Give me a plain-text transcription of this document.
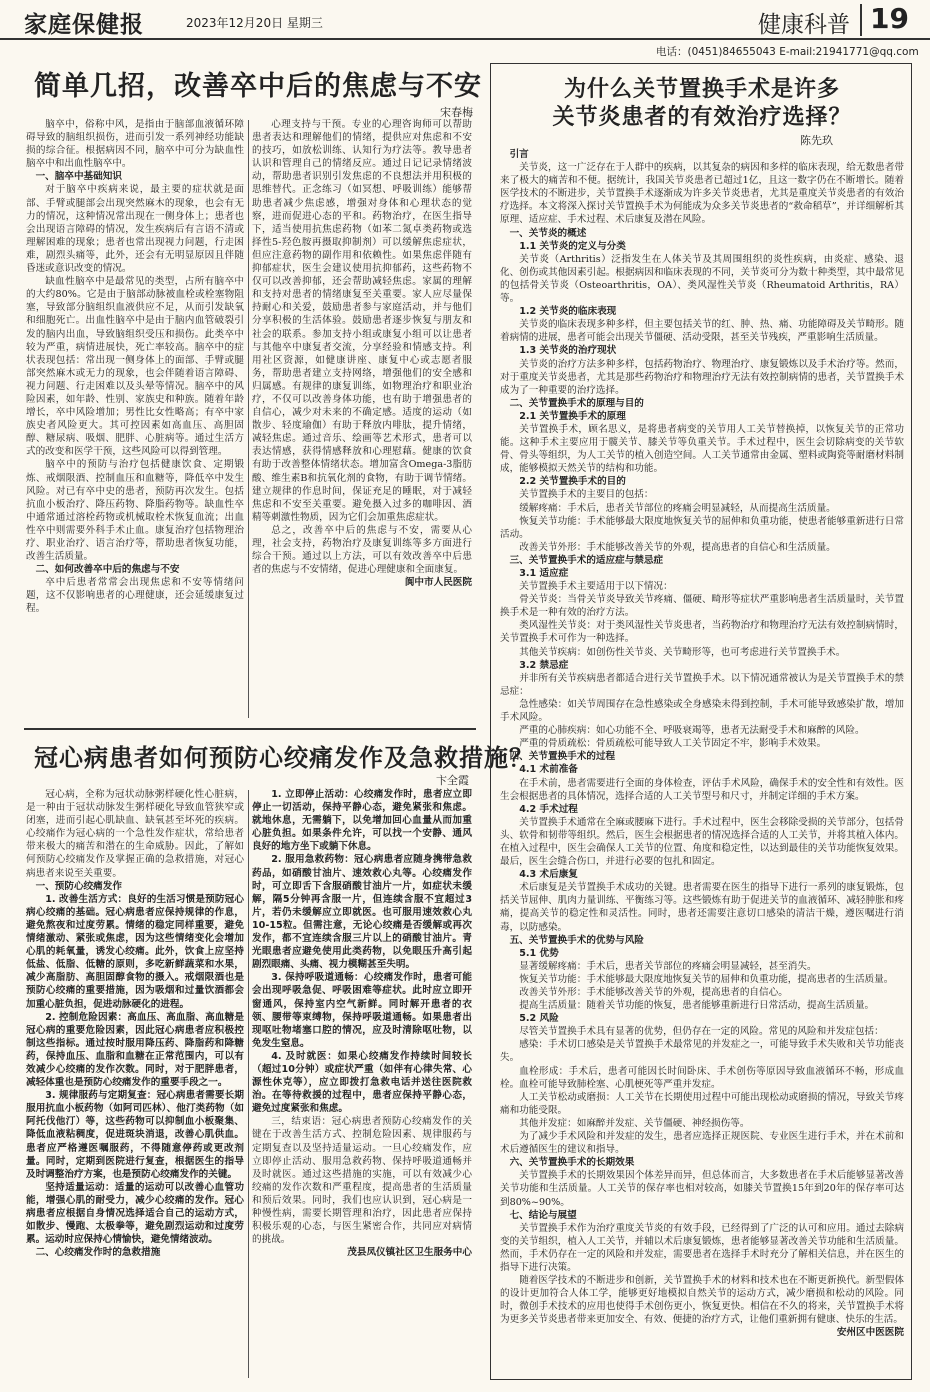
家庭保健报	2023年12月20日 星期三	健康科普 19
电话：(0451)84655043 E-mail:21941771@qq.com
简单几招，改善卒中后的焦虑与不安
宋春梅

脑卒中，俗称中风，是指由于脑部血液循环障碍导致的脑组织损伤，进而引发一系列神经功能缺损的综合征。根据病因不同，脑卒中可分为缺血性脑卒中和出血性脑卒中。

一、脑卒中基础知识

对于脑卒中疾病来说，最主要的症状就是面部、手臂或腿部会出现突然麻木的现象，也会有无力的情况，这种情况常出现在一侧身体上；患者也会出现语言障碍的情况，发生疾病后有言语不清或理解困难的现象；患者也常出现视力问题，行走困难，剧烈头痛等，此外，还会有无明显原因且伴随昏迷或意识改变的情况。

缺血性脑卒中是最常见的类型，占所有脑卒中的大约80%。它是由于脑部动脉被血栓或栓塞物阻塞，导致部分脑组织血液供应不足，从而引发缺氧和细胞死亡。出血性脑卒中是由于脑内血管破裂引发的脑内出血，导致脑组织受压和损伤。此类卒中较为严重，病情进展快，死亡率较高。脑卒中的症状表现包括：常出现一侧身体上的面部、手臂或腿部突然麻木或无力的现象，也会伴随着语言障碍、视力问题、行走困难以及头晕等情况。脑卒中的风险因素，如年龄、性别、家族史和种族。随着年龄增长，卒中风险增加；男性比女性略高；有卒中家族史者风险更大。其可控因素如高血压、高胆固醇、糖尿病、吸烟、肥胖、心脏病等。通过生活方式的改变和医学干预，这些风险可以得到管理。

脑卒中的预防与治疗包括健康饮食、定期锻炼、戒烟限酒、控制血压和血糖等，降低卒中发生风险。对已有卒中史的患者，预防再次发生。包括抗血小板治疗、降压药物、降脂药物等。缺血性卒中通常通过溶栓药物或机械取栓术恢复血流；出血性卒中则需要外科手术止血。康复治疗包括物理治疗、职业治疗、语言治疗等，帮助患者恢复功能，改善生活质量。

二、如何改善卒中后的焦虑与不安

卒中后患者常常会出现焦虑和不安等情绪问题，这不仅影响患者的心理健康，还会延缓康复过程。

心理支持与干预。专业的心理咨询师可以帮助患者表达和理解他们的情绪，提供应对焦虑和不安的技巧，如放松训练、认知行为疗法等。教导患者认识和管理自己的情绪反应。通过日记记录情绪波动，帮助患者识别引发焦虑的不良想法并用积极的思维替代。正念练习（如冥想、呼吸训练）能够帮助患者减少焦虑感，增强对身体和心理状态的觉察，进而促进心态的平和。药物治疗，在医生指导下，适当使用抗焦虑药物（如苯二氮卓类药物或选择性5-羟色胺再摄取抑制剂）可以缓解焦虑症状，但应注意药物的副作用和依赖性。如果焦虑伴随有抑郁症状，医生会建议使用抗抑郁药，这些药物不仅可以改善抑郁，还会帮助减轻焦虑。家属的理解和支持对患者的情绪康复至关重要。家人应尽量保持耐心和关爱，鼓励患者参与家庭活动，并与他们分享积极的生活体验。鼓励患者逐步恢复与朋友和社会的联系。参加支持小组或康复小组可以让患者与其他卒中康复者交流，分享经验和情感支持。利用社区资源，如健康讲座、康复中心或志愿者服务，帮助患者建立支持网络，增强他们的安全感和归属感。有规律的康复训练，如物理治疗和职业治疗，不仅可以改善身体功能，也有助于增强患者的自信心，减少对未来的不确定感。适度的运动（如散步、轻度瑜伽）有助于释放内啡肽，提升情绪，减轻焦虑。通过音乐、绘画等艺术形式，患者可以表达情感，获得情感释放和心理慰藉。健康的饮食有助于改善整体情绪状态。增加富含Omega-3脂肪酸、维生素B和抗氧化剂的食物，有助于调节情绪。建立规律的作息时间，保证充足的睡眠，对于减轻焦虑和不安至关重要。避免摄入过多的咖啡因、酒精等刺激性物质，因为它们会加重焦虑症状。

总之，改善卒中后的焦虑与不安，需要从心理，社会支持，药物治疗及康复训练等多方面进行综合干预。通过以上方法，可以有效改善卒中后患者的焦虑与不安情绪，促进心理健康和全面康复。

阆中市人民医院

冠心病患者如何预防心绞痛发作及急救措施？
卞全霞

冠心病，全称为冠状动脉粥样硬化性心脏病，是一种由于冠状动脉发生粥样硬化导致血管狭窄或闭塞，进而引起心肌缺血、缺氧甚至坏死的疾病。心绞痛作为冠心病的一个急性发作症状，常给患者带来极大的痛苦和潜在的生命威胁。因此，了解如何预防心绞痛发作及掌握正确的急救措施，对冠心病患者来说至关重要。

一、预防心绞痛发作

1. 改善生活方式：良好的生活习惯是预防冠心病心绞痛的基础。冠心病患者应保持规律的作息，避免熬夜和过度劳累。情绪的稳定同样重要，避免情绪激动、紧张或焦虑，因为这些情绪变化会增加心肌的耗氧量，诱发心绞痛。此外，饮食上应坚持低盐、低脂、低糖的原则，多吃新鲜蔬菜和水果，减少高脂肪、高胆固醇食物的摄入。戒烟限酒也是预防心绞痛的重要措施，因为吸烟和过量饮酒都会加重心脏负担，促进动脉硬化的进程。

2. 控制危险因素：高血压、高血脂、高血糖是冠心病的重要危险因素，因此冠心病患者应积极控制这些指标。通过按时服用降压药、降脂药和降糖药，保持血压、血脂和血糖在正常范围内，可以有效减少心绞痛的发作次数。同时，对于肥胖患者，减轻体重也是预防心绞痛发作的重要手段之一。

3. 规律服药与定期复查：冠心病患者需要长期服用抗血小板药物（如阿司匹林）、他汀类药物（如阿托伐他汀）等，这些药物可以抑制血小板聚集、降低血液粘稠度，促进斑块消退，改善心肌供血。患者应严格遵医嘱服药，不得随意停药或更改剂量。同时，定期到医院进行复查，根据医生的指导及时调整治疗方案，也是预防心绞痛发作的关键。

坚持适量运动：适量的运动可以改善心血管功能，增强心肌的耐受力，减少心绞痛的发作。冠心病患者应根据自身情况选择适合自己的运动方式，如散步、慢跑、太极拳等，避免剧烈运动和过度劳累。运动时应保持心情愉快，避免情绪波动。

二、心绞痛发作时的急救措施

1. 立即停止活动：心绞痛发作时，患者应立即停止一切活动，保持平静心态，避免紧张和焦虑。就地休息，无需躺下，以免增加回心血量从而加重心脏负担。如果条件允许，可以找一个安静、通风良好的地方坐下或躺下休息。

2. 服用急救药物：冠心病患者应随身携带急救药品，如硝酸甘油片、速效救心丸等。心绞痛发作时，可立即舌下含服硝酸甘油片一片，如症状未缓解，隔5分钟再含服一片，但连续含服不宜超过3片，若仍未缓解应立即就医。也可服用速效救心丸10-15粒。但需注意，无论心绞痛是否缓解或再次发作，都不宜连续含服三片以上的硝酸甘油片。青光眼患者应避免使用此类药物，以免眼压升高引起剧烈眼痛、头痛、视力模糊甚至失明。

3. 保持呼吸道通畅：心绞痛发作时，患者可能会出现呼吸急促、呼吸困难等症状。此时应立即开窗通风，保持室内空气新鲜。同时解开患者的衣领、腰带等束缚物，保持呼吸道通畅。如果患者出现呕吐物堵塞口腔的情况，应及时清除呕吐物，以免发生窒息。

4. 及时就医：如果心绞痛发作持续时间较长（超过10分钟）或症状严重（如伴有心律失常、心源性休克等），应立即拨打急救电话并送往医院救治。在等待救援的过程中，患者应保持平静心态，避免过度紧张和焦虑。

三，结束语：冠心病患者预防心绞痛发作的关键在于改善生活方式、控制危险因素、规律服药与定期复查以及坚持适量运动。一旦心绞痛发作，应立即停止活动、服用急救药物、保持呼吸道通畅并及时就医。通过这些措施的实施，可以有效减少心绞痛的发作次数和严重程度，提高患者的生活质量和预后效果。同时，我们也应认识到，冠心病是一种慢性病，需要长期管理和治疗，因此患者应保持积极乐观的心态，与医生紧密合作，共同应对病情的挑战。

茂县凤仪镇社区卫生服务中心

为什么关节置换手术是许多
关节炎患者的有效治疗选择？
陈先玖

引言

关节炎，这一广泛存在于人群中的疾病，以其复杂的病因和多样的临床表现，给无数患者带来了极大的痛苦和不便。据统计，我国关节炎患者已超过1亿，且这一数字仍在不断增长。随着医学技术的不断进步，关节置换手术逐渐成为许多关节炎患者，尤其是重度关节炎患者的有效治疗选择。本文将深入探讨关节置换手术为何能成为众多关节炎患者的“救命稻草”，并详细解析其原理、适应症、手术过程、术后康复及潜在风险。

一、关节炎的概述

1.1 关节炎的定义与分类

关节炎（Arthritis）泛指发生在人体关节及其周围组织的炎性疾病，由炎症、感染、退化、创伤或其他因素引起。根据病因和临床表现的不同，关节炎可分为数十种类型，其中最常见的包括骨关节炎（Osteoarthritis，OA）、类风湿性关节炎（Rheumatoid Arthritis，RA）等。

1.2 关节炎的临床表现

关节炎的临床表现多种多样，但主要包括关节的红、肿、热、痛、功能障碍及关节畸形。随着病情的进展，患者可能会出现关节僵硬、活动受限，甚至关节残疾，严重影响生活质量。

1.3 关节炎的治疗现状

关节炎的治疗方法多种多样，包括药物治疗、物理治疗、康复锻炼以及手术治疗等。然而，对于重度关节炎患者，尤其是那些药物治疗和物理治疗无法有效控制病情的患者，关节置换手术成为了一种重要的治疗选择。

二、关节置换手术的原理与目的

2.1 关节置换手术的原理

关节置换手术，顾名思义，是将患者病变的关节用人工关节替换掉，以恢复关节的正常功能。这种手术主要应用于髋关节、膝关节等负重关节。手术过程中，医生会切除病变的关节软骨、骨头等组织，为人工关节的植入创造空间。人工关节通常由金属、塑料或陶瓷等耐磨材料制成，能够模拟天然关节的结构和功能。

2.2 关节置换手术的目的

关节置换手术的主要目的包括：

缓解疼痛：手术后，患者关节部位的疼痛会明显减轻，从而提高生活质量。

恢复关节功能：手术能够最大限度地恢复关节的屈伸和负重功能，使患者能够重新进行日常活动。

改善关节外形：手术能够改善关节的外观，提高患者的自信心和生活质量。

三、关节置换手术的适应症与禁忌症

3.1 适应症

关节置换手术主要适用于以下情况：

骨关节炎：当骨关节炎导致关节疼痛、僵硬、畸形等症状严重影响患者生活质量时，关节置换手术是一种有效的治疗方法。

类风湿性关节炎：对于类风湿性关节炎患者，当药物治疗和物理治疗无法有效控制病情时，关节置换手术可作为一种选择。

其他关节疾病：如创伤性关节炎、关节畸形等，也可考虑进行关节置换手术。

3.2 禁忌症

并非所有关节疾病患者都适合进行关节置换手术。以下情况通常被认为是关节置换手术的禁忌症：

急性感染：如关节周围存在急性感染或全身感染未得到控制，手术可能导致感染扩散，增加手术风险。

严重的心肺疾病：如心功能不全、呼吸衰竭等，患者无法耐受手术和麻醉的风险。

严重的骨质疏松：骨质疏松可能导致人工关节固定不牢，影响手术效果。

四、关节置换手术的过程

4.1 术前准备

在手术前，患者需要进行全面的身体检查，评估手术风险，确保手术的安全性和有效性。医生会根据患者的具体情况，选择合适的人工关节型号和尺寸，并制定详细的手术方案。

4.2 手术过程

关节置换手术通常在全麻或腰麻下进行。手术过程中，医生会移除受损的关节部分，包括骨头、软骨和韧带等组织。然后，医生会根据患者的情况选择合适的人工关节，并将其植入体内。在植入过程中，医生会确保人工关节的位置、角度和稳定性，以达到最佳的关节功能恢复效果。最后，医生会缝合伤口，并进行必要的包扎和固定。

4.3 术后康复

术后康复是关节置换手术成功的关键。患者需要在医生的指导下进行一系列的康复锻炼，包括关节屈伸、肌肉力量训练、平衡练习等。这些锻炼有助于促进关节的血液循环、减轻肿胀和疼痛，提高关节的稳定性和灵活性。同时，患者还需要注意切口感染的清洁干燥，遵医嘱进行消毒，以防感染。

五、关节置换手术的优势与风险

5.1 优势

显著缓解疼痛：手术后，患者关节部位的疼痛会明显减轻，甚至消失。

恢复关节功能：手术能够最大限度地恢复关节的屈伸和负重功能，提高患者的生活质量。

改善关节外形：手术能够改善关节的外观，提高患者的自信心。

提高生活质量：随着关节功能的恢复，患者能够重新进行日常活动，提高生活质量。

5.2 风险

尽管关节置换手术具有显著的优势，但仍存在一定的风险。常见的风险和并发症包括：

感染：手术切口感染是关节置换手术最常见的并发症之一，可能导致手术失败和关节功能丧失。

血栓形成：手术后，患者可能因长时间卧床、手术创伤等原因导致血液循环不畅，形成血栓。血栓可能导致肺栓塞、心肌梗死等严重并发症。

人工关节松动或磨损：人工关节在长期使用过程中可能出现松动或磨损的情况，导致关节疼痛和功能受限。

其他并发症：如麻醉并发症、关节僵硬、神经损伤等。

为了减少手术风险和并发症的发生，患者应选择正规医院、专业医生进行手术，并在术前和术后遵循医生的建议和指导。

六、关节置换手术的长期效果

关节置换手术的长期效果因个体差异而异，但总体而言，大多数患者在手术后能够显著改善关节功能和生活质量。人工关节的保存率也相对较高，如膝关节置换15年到20年的保存率可达到80%~90%。

七、结论与展望

关节置换手术作为治疗重度关节炎的有效手段，已经得到了广泛的认可和应用。通过去除病变的关节组织，植入人工关节，并辅以术后康复锻炼，患者能够显著改善关节功能和生活质量。然而，手术仍存在一定的风险和并发症，需要患者在选择手术时充分了解相关信息，并在医生的指导下进行决策。

随着医学技术的不断进步和创新，关节置换手术的材料和技术也在不断更新换代。新型假体的设计更加符合人体工学，能够更好地模拟自然关节的运动方式，减少磨损和松动的风险。同时，微创手术技术的应用也使得手术创伤更小，恢复更快。相信在不久的将来，关节置换手术将为更多关节炎患者带来更加安全、有效、便捷的治疗方式，让他们重新拥有健康、快乐的生活。

安州区中医医院
